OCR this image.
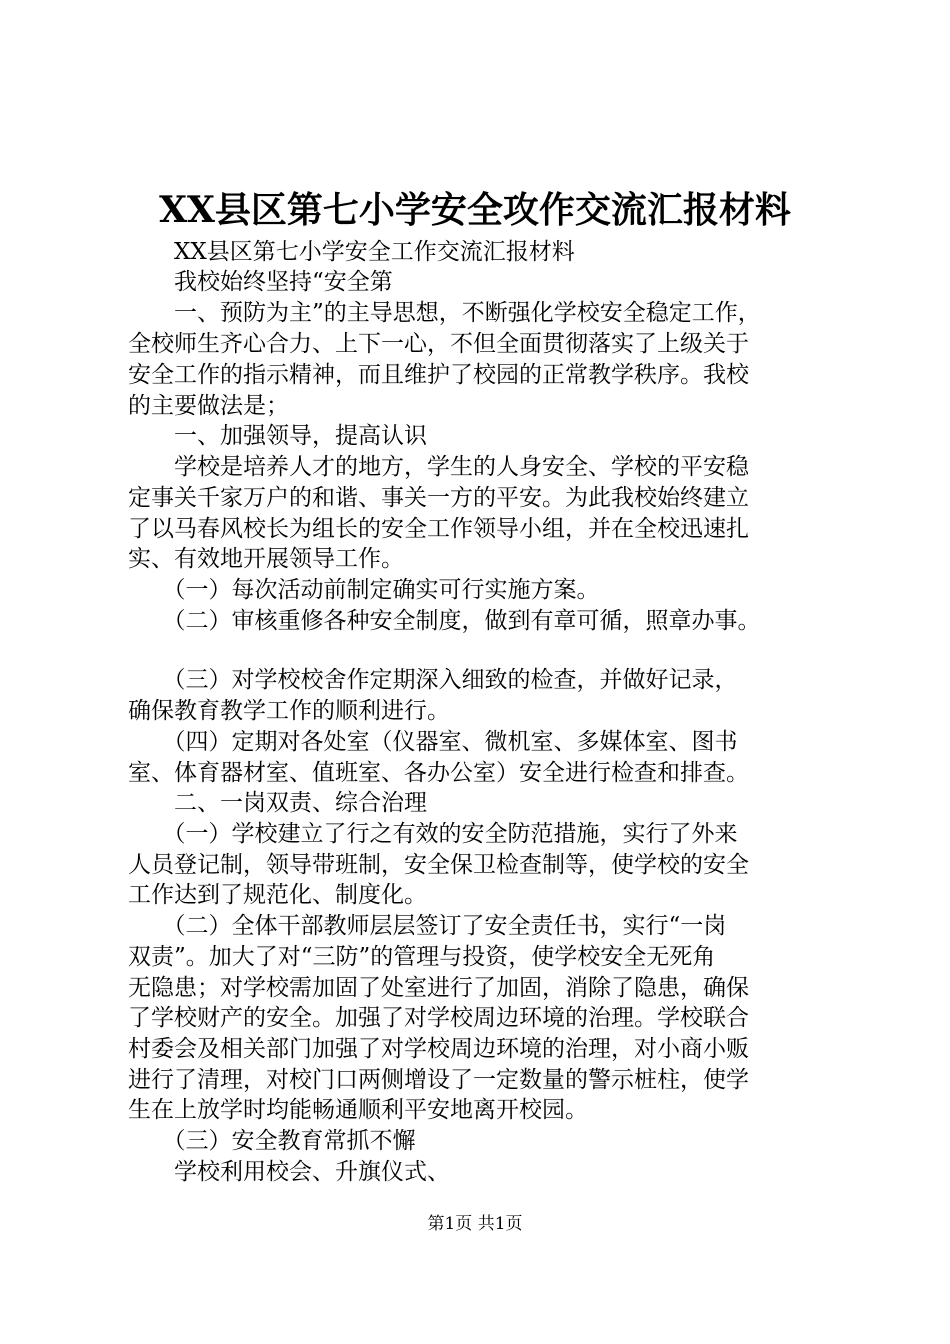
XX县区第七小学安全攻作交流汇报材料
　　XX县区第七小学安全工作交流汇报材料
　　我校始终坚持“安全第
　　一、预防为主”的主导思想，不断强化学校安全稳定工作，
全校师生齐心合力、上下一心，不但全面贯彻落实了上级关于
安全工作的指示精神，而且维护了校园的正常教学秩序。我校
的主要做法是；
　　一、加强领导，提高认识
　　学校是培养人才的地方，学生的人身安全、学校的平安稳
定事关千家万户的和谐、事关一方的平安。为此我校始终建立
了以马春风校长为组长的安全工作领导小组，并在全校迅速扎
实、有效地开展领导工作。
　　（一）每次活动前制定确实可行实施方案。
　　（二）审核重修各种安全制度，做到有章可循，照章办事。
　　（三）对学校校舍作定期深入细致的检查，并做好记录，
确保教育教学工作的顺利进行。
　　（四）定期对各处室（仪器室、微机室、多媒体室、图书
室、体育器材室、值班室、各办公室）安全进行检查和排查。
　　二、一岗双责、综合治理
　　（一）学校建立了行之有效的安全防范措施，实行了外来
人员登记制，领导带班制，安全保卫检查制等，使学校的安全
工作达到了规范化、制度化。
　　（二）全体干部教师层层签订了安全责任书，实行“一岗
双责”。加大了对“三防”的管理与投资，使学校安全无死角
无隐患；对学校需加固了处室进行了加固，消除了隐患，确保
了学校财产的安全。加强了对学校周边环境的治理。学校联合
村委会及相关部门加强了对学校周边环境的治理，对小商小贩
进行了清理，对校门口两侧增设了一定数量的警示桩柱，使学
生在上放学时均能畅通顺利平安地离开校园。
　　（三）安全教育常抓不懈
　　学校利用校会、升旗仪式、
第1页 共1页
